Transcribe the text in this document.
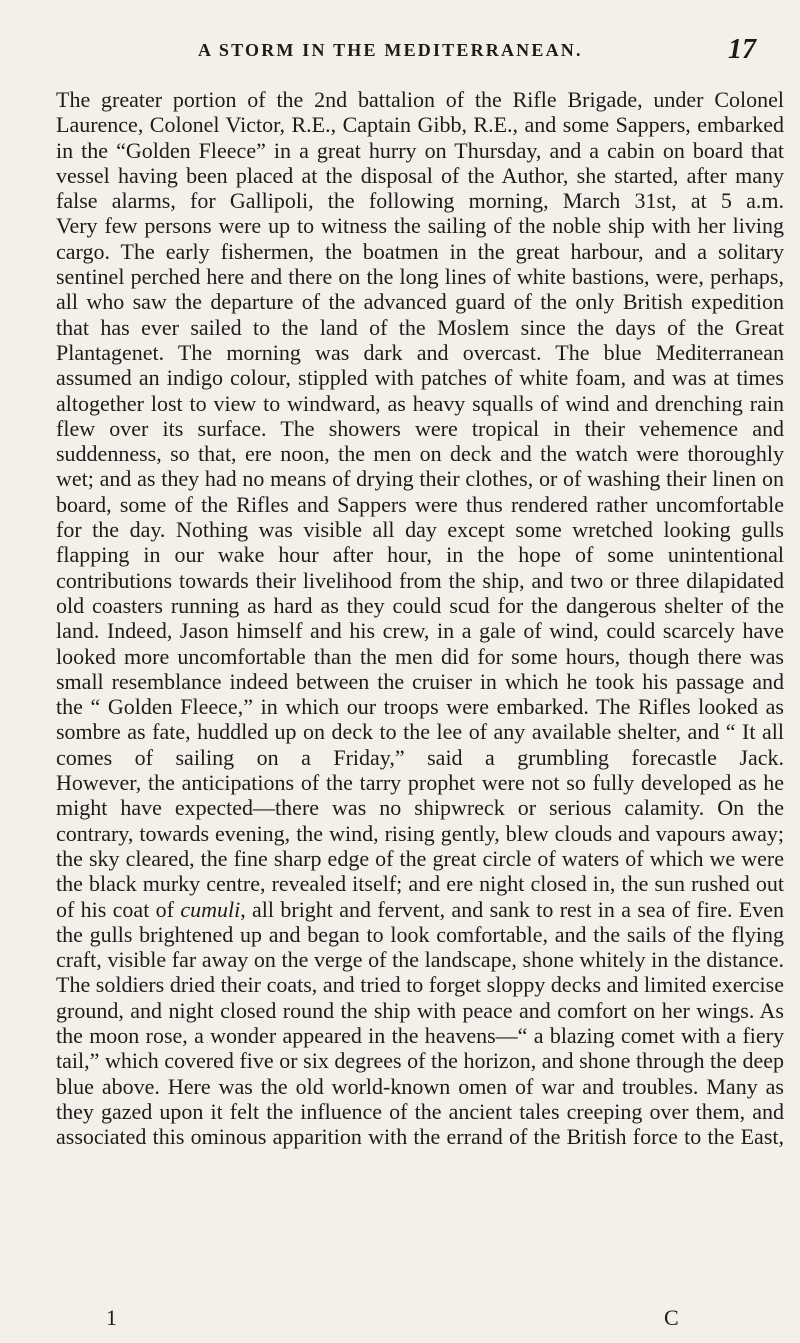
A STORM IN THE MEDITERRANEAN.	17

The greater portion of the 2nd battalion of the Rifle Brigade, under Colonel Laurence, Colonel Victor, R.E., Captain Gibb, R.E., and some Sappers, embarked in the “Golden Fleece” in a great hurry on Thursday, and a cabin on board that vessel having been placed at the disposal of the Author, she started, after many false alarms, for Gallipoli, the following morning, March 31st, at 5 a.m.

Very few persons were up to witness the sailing of the noble ship with her living cargo. The early fishermen, the boatmen in the great harbour, and a solitary sentinel perched here and there on the long lines of white bastions, were, perhaps, all who saw the departure of the advanced guard of the only British expedition that has ever sailed to the land of the Moslem since the days of the Great Plantagenet. The morning was dark and overcast. The blue Mediterranean assumed an indigo colour, stippled with patches of white foam, and was at times altogether lost to view to windward, as heavy squalls of wind and drenching rain flew over its surface. The showers were tropical in their vehemence and suddenness, so that, ere noon, the men on deck and the watch were thoroughly wet; and as they had no means of drying their clothes, or of washing their linen on board, some of the Rifles and Sappers were thus rendered rather uncomfortable for the day. Nothing was visible all day except some wretched looking gulls flapping in our wake hour after hour, in the hope of some unintentional contributions towards their livelihood from the ship, and two or three dilapidated old coasters running as hard as they could scud for the dangerous shelter of the land. Indeed, Jason himself and his crew, in a gale of wind, could scarcely have looked more uncomfortable than the men did for some hours, though there was small resemblance indeed between the cruiser in which he took his passage and the “ Golden Fleece,” in which our troops were embarked. The Rifles looked as sombre as fate, huddled up on deck to the lee of any available shelter, and “ It all comes of sailing on a Friday,” said a grumbling forecastle Jack.

However, the anticipations of the tarry prophet were not so fully developed as he might have expected—there was no shipwreck or serious calamity. On the contrary, towards evening, the wind, rising gently, blew clouds and vapours away; the sky cleared, the fine sharp edge of the great circle of waters of which we were the black murky centre, revealed itself; and ere night closed in, the sun rushed out of his coat of cumuli, all bright and fervent, and sank to rest in a sea of fire. Even the gulls brightened up and began to look comfortable, and the sails of the flying craft, visible far away on the verge of the landscape, shone whitely in the distance. The soldiers dried their coats, and tried to forget sloppy decks and limited exercise ground, and night closed round the ship with peace and comfort on her wings. As the moon rose, a wonder appeared in the heavens—“ a blazing comet with a fiery tail,” which covered five or six degrees of the horizon, and shone through the deep blue above. Here was the old world-known omen of war and troubles. Many as they gazed upon it felt the influence of the ancient tales creeping over them, and associated this ominous apparition with the errand of the British force to the East,

1	C
